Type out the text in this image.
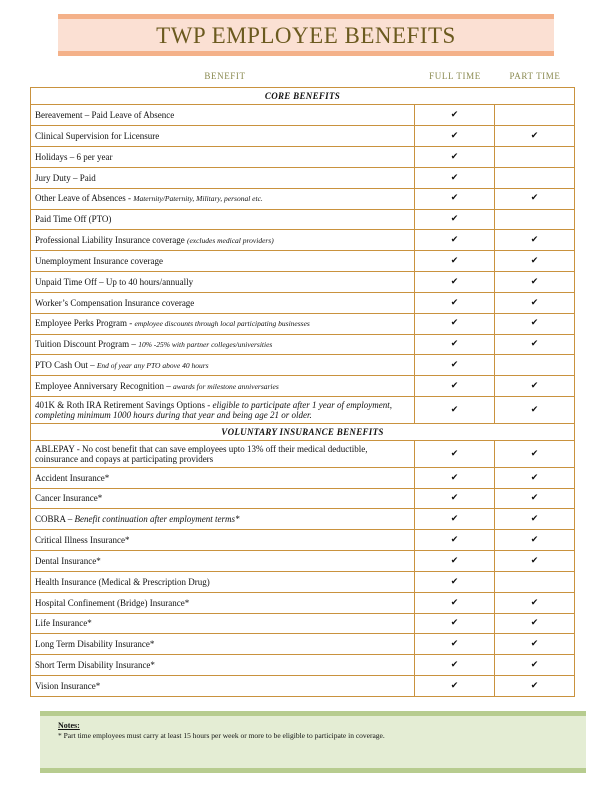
TWP EMPLOYEE BENEFITS
BENEFIT	FULL TIME	PART TIME
CORE BENEFITS		
Bereavement – Paid Leave of Absence	✔	
Clinical Supervision for Licensure	✔	✔
Holidays – 6 per year	✔	
Jury Duty – Paid	✔	
Other Leave of Absences - Maternity/Paternity, Military, personal etc.	✔	✔
Paid Time Off (PTO)	✔	
Professional Liability Insurance coverage (excludes medical providers)	✔	✔
Unemployment Insurance coverage	✔	✔
Unpaid Time Off – Up to 40 hours/annually	✔	✔
Worker’s Compensation Insurance coverage	✔	✔
Employee Perks Program - employee discounts through local participating businesses	✔	✔
Tuition Discount Program – 10% -25% with partner colleges/universities	✔	✔
PTO Cash Out – End of year any PTO above 40 hours	✔	
Employee Anniversary Recognition – awards for milestone anniversaries	✔	✔
401K & Roth IRA Retirement Savings Options - eligible to participate after 1 year of employment, completing minimum 1000 hours during that year and being age 21 or older.	✔	✔
VOLUNTARY INSURANCE BENEFITS		
ABLEPAY - No cost benefit that can save employees upto 13% off their medical deductible, coinsurance and copays at participating providers	✔	✔
Accident Insurance*	✔	✔
Cancer Insurance*	✔	✔
COBRA – Benefit continuation after employment terms*	✔	✔
Critical Illness Insurance*	✔	✔
Dental Insurance*	✔	✔
Health Insurance (Medical & Prescription Drug)	✔	
Hospital Confinement (Bridge) Insurance*	✔	✔
Life Insurance*	✔	✔
Long Term Disability Insurance*	✔	✔
Short Term Disability Insurance*	✔	✔
Vision Insurance*	✔	✔
Notes:
* Part time employees must carry at least 15 hours per week or more to be eligible to participate in coverage.
